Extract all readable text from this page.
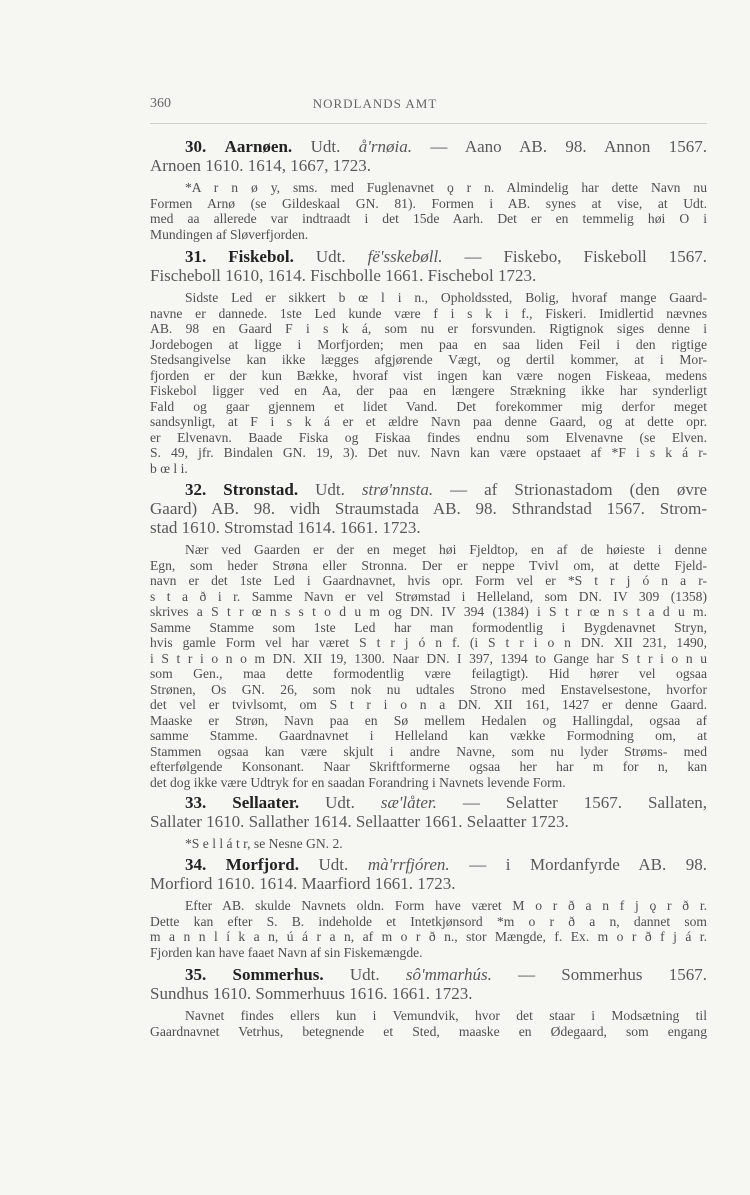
360	NORDLANDS AMT
30. Aarnøen. Udt. å'rnøia. — Aano AB. 98. Annon 1567.
Arnoen 1610. 1614, 1667, 1723.
*A r n ø y, sms. med Fuglenavnet ǫ r n. Almindelig har dette Navn nu
Formen Arnø (se Gildeskaal GN. 81). Formen i AB. synes at vise, at Udt.
med aa allerede var indtraadt i det 15de Aarh. Det er en temmelig høi O i
Mundingen af Sløverfjorden.
31. Fiskebol. Udt. fë'sskebøll. — Fiskebo, Fiskeboll 1567.
Fischeboll 1610, 1614. Fischbolle 1661. Fischebol 1723.
Sidste Led er sikkert b œ l i n., Opholdssted, Bolig, hvoraf mange Gaard-
navne er dannede. 1ste Led kunde være f i s k i f., Fiskeri. Imidlertid nævnes
AB. 98 en Gaard F i s k á, som nu er forsvunden. Rigtignok siges denne i
Jordebogen at ligge i Morfjorden; men paa en saa liden Feil i den rigtige
Stedsangivelse kan ikke lægges afgjørende Vægt, og dertil kommer, at i Mor-
fjorden er der kun Bække, hvoraf vist ingen kan være nogen Fiskeaa, medens
Fiskebol ligger ved en Aa, der paa en længere Strækning ikke har synderligt
Fald og gaar gjennem et lidet Vand. Det forekommer mig derfor meget
sandsynligt, at F i s k á er et ældre Navn paa denne Gaard, og at dette opr.
er Elvenavn. Baade Fiska og Fiskaa findes endnu som Elvenavne (se Elven.
S. 49, jfr. Bindalen GN. 19, 3). Det nuv. Navn kan være opstaaet af *F i s k á r-
b œ l i.
32. Stronstad. Udt. strø'nnsta. — af Strionastadom (den øvre
Gaard) AB. 98. vidh Straumstada AB. 98. Sthrandstad 1567. Strom-
stad 1610. Stromstad 1614. 1661. 1723.
Nær ved Gaarden er der en meget høi Fjeldtop, en af de høieste i denne
Egn, som heder Strøna eller Stronna. Der er neppe Tvivl om, at dette Fjeld-
navn er det 1ste Led i Gaardnavnet, hvis opr. Form vel er *S t r j ó n a r-
s t a ð i r. Samme Navn er vel Strømstad i Helleland, som DN. IV 309 (1358)
skrives a S t r œ n s s t o d u m og DN. IV 394 (1384) i S t r œ n s t a d u m.
Samme Stamme som 1ste Led har man formodentlig i Bygdenavnet Stryn,
hvis gamle Form vel har været S t r j ó n f. (i S t r i o n DN. XII 231, 1490,
i S t r i o n o m DN. XII 19, 1300. Naar DN. I 397, 1394 to Gange har S t r i o n u
som Gen., maa dette formodentlig være feilagtigt). Hid hører vel ogsaa
Strønen, Os GN. 26, som nok nu udtales Strono med Enstavelsestone, hvorfor
det vel er tvivlsomt, om S t r i o n a DN. XII 161, 1427 er denne Gaard.
Maaske er Strøn, Navn paa en Sø mellem Hedalen og Hallingdal, ogsaa af
samme Stamme. Gaardnavnet i Helleland kan vække Formodning om, at
Stammen ogsaa kan være skjult i andre Navne, som nu lyder Strøms- med
efterfølgende Konsonant. Naar Skriftformerne ogsaa her har m for n, kan
det dog ikke være Udtryk for en saadan Forandring i Navnets levende Form.
33. Sellaater. Udt. sæ'låter. — Selatter 1567. Sallaten,
Sallater 1610. Sallather 1614. Sellaatter 1661. Selaatter 1723.
*S e l l á t r, se Nesne GN. 2.
34. Morfjord. Udt. mà'rrfjóren. — i Mordanfyrde AB. 98.
Morfiord 1610. 1614. Maarfiord 1661. 1723.
Efter AB. skulde Navnets oldn. Form have været M o r ð a n f j ǫ r ð r.
Dette kan efter S. B. indeholde et Intetkjønsord *m o r ð a n, dannet som
m a n n l í k a n, ú á r a n, af m o r ð n., stor Mængde, f. Ex. m o r ð f j á r.
Fjorden kan have faaet Navn af sin Fiskemængde.
35. Sommerhus. Udt. sô'mmarhús. — Sommerhus 1567.
Sundhus 1610. Sommerhuus 1616. 1661. 1723.
Navnet findes ellers kun i Vemundvik, hvor det staar i Modsætning til
Gaardnavnet Vetrhus, betegnende et Sted, maaske en Ødegaard, som engang
